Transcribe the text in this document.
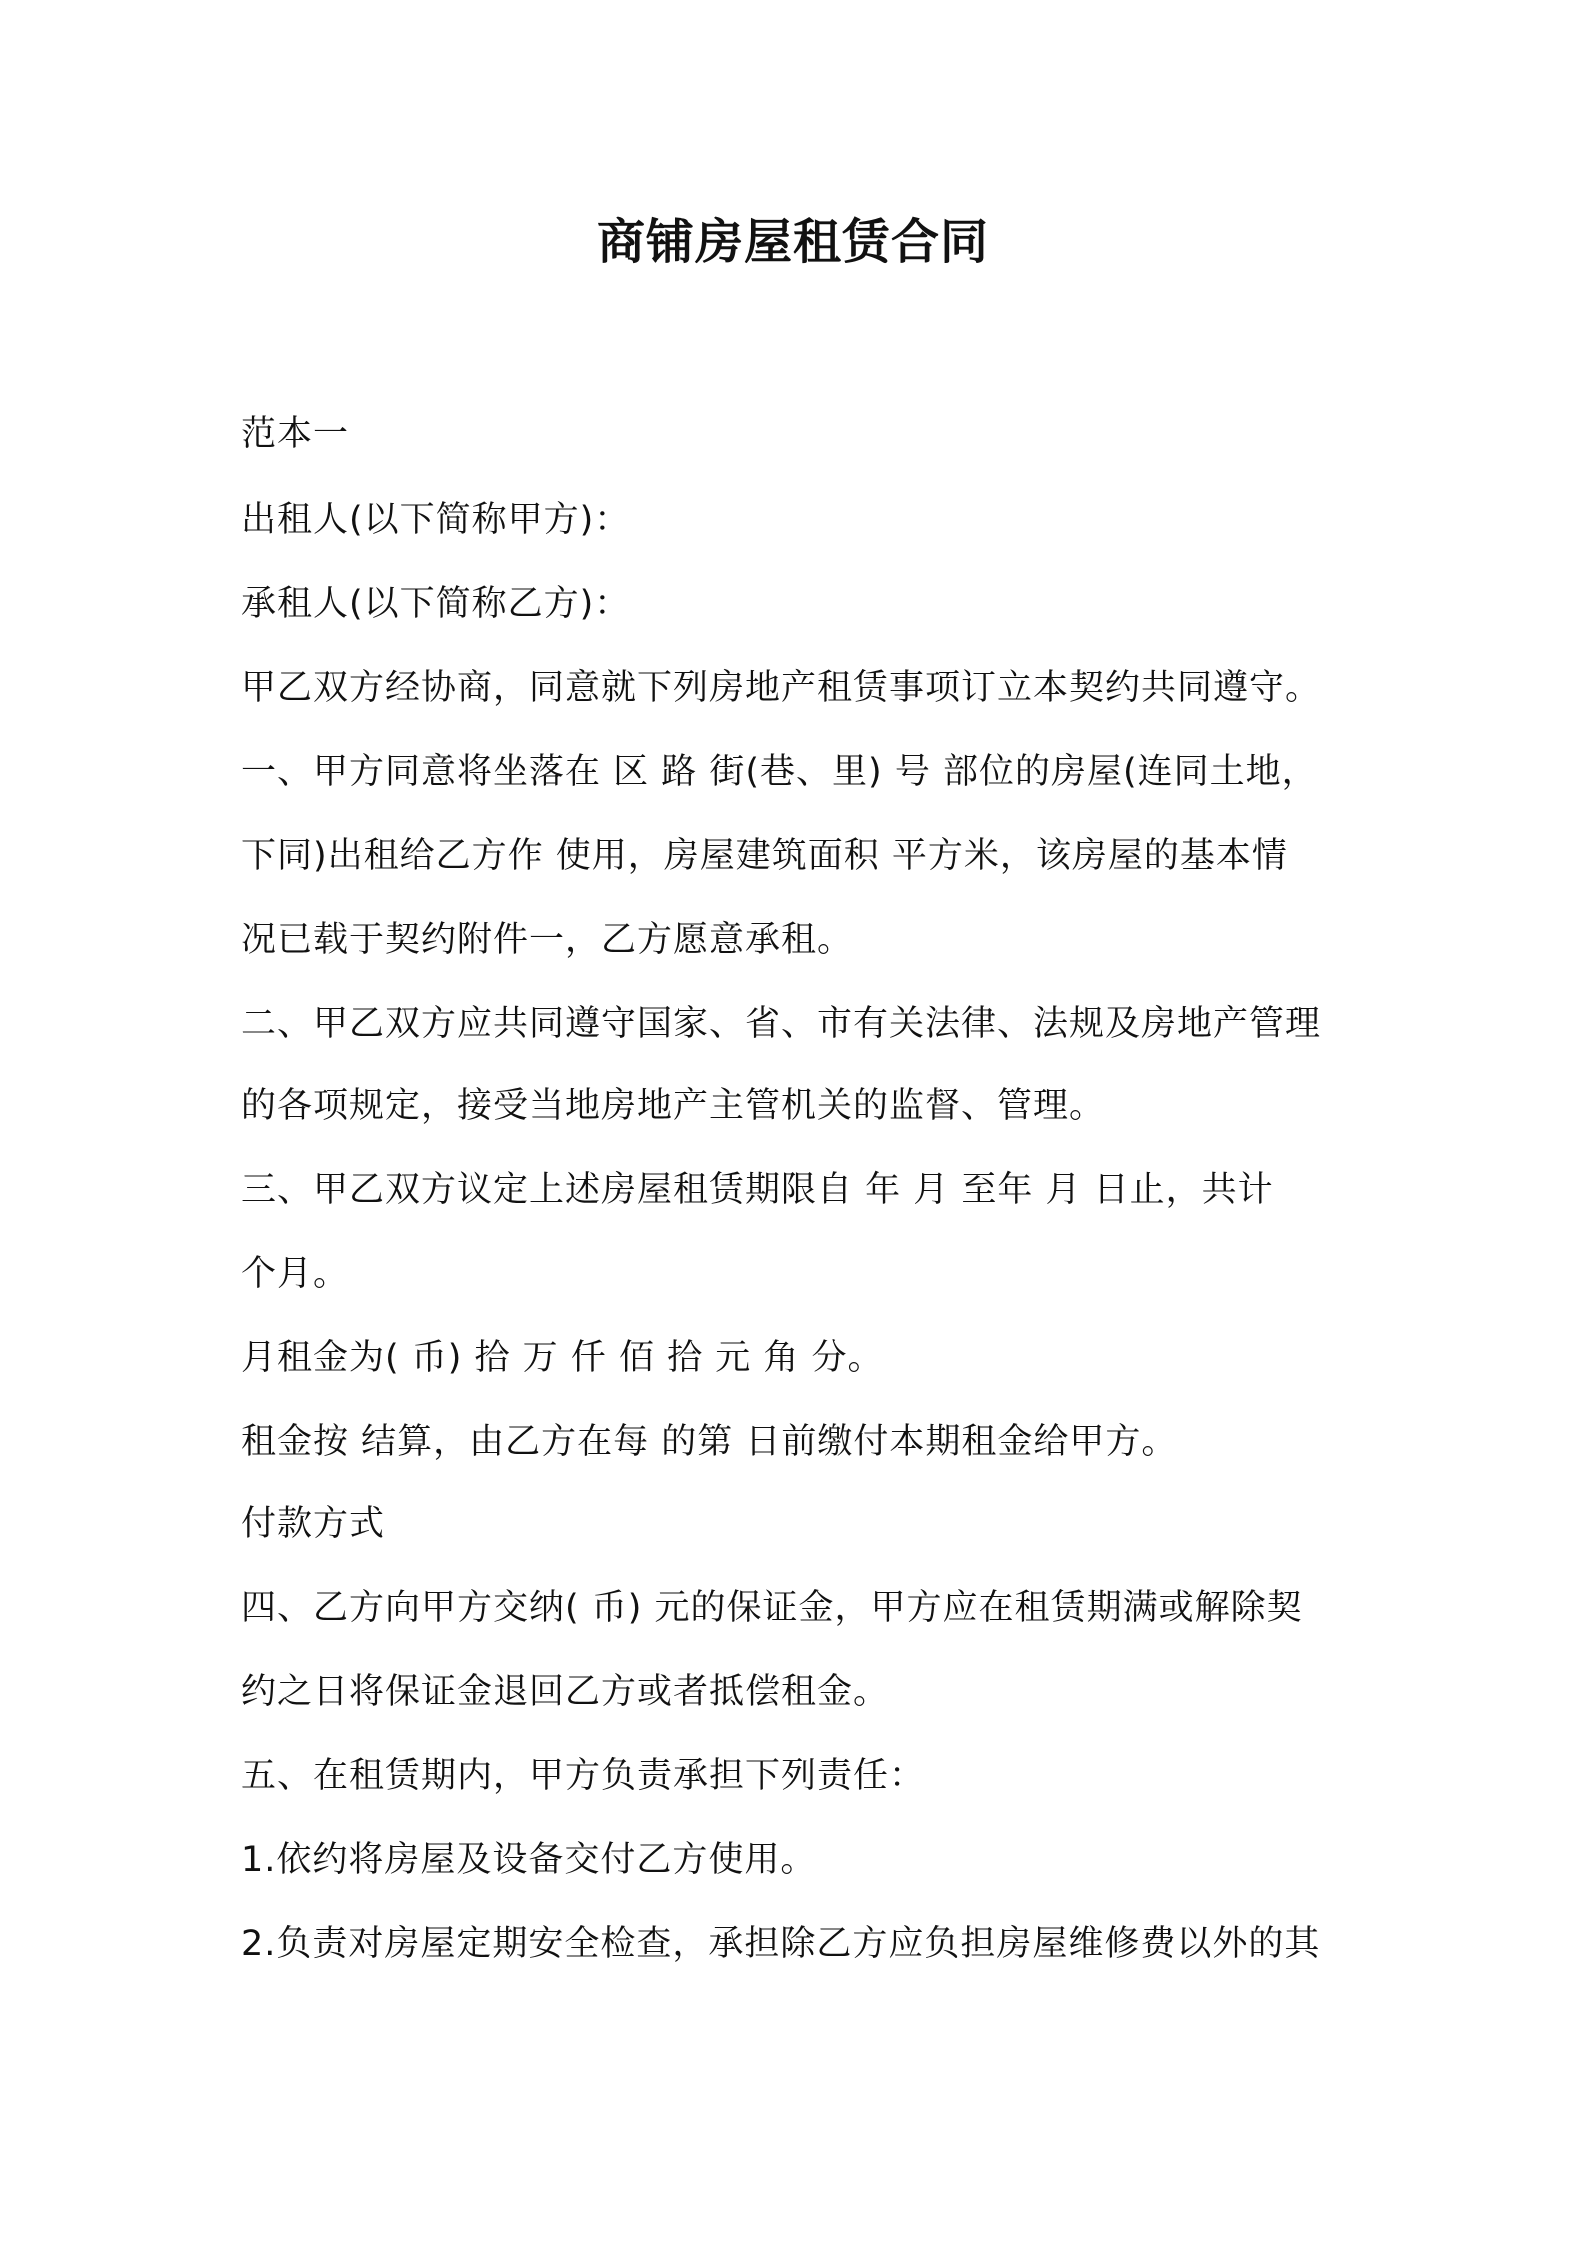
商铺房屋租赁合同
范本一
出租人(以下简称甲方)：
承租人(以下简称乙方)：
甲乙双方经协商，同意就下列房地产租赁事项订立本契约共同遵守。
一、甲方同意将坐落在 区 路 街(巷、里) 号 部位的房屋(连同土地，
下同)出租给乙方作 使用，房屋建筑面积 平方米，该房屋的基本情
况已载于契约附件一，乙方愿意承租。
二、甲乙双方应共同遵守国家、省、市有关法律、法规及房地产管理
的各项规定，接受当地房地产主管机关的监督、管理。
三、甲乙双方议定上述房屋租赁期限自 年 月 至年 月 日止，共计
个月。
月租金为( 币) 拾 万 仟 佰 拾 元 角 分。
租金按 结算，由乙方在每 的第 日前缴付本期租金给甲方。
付款方式
四、乙方向甲方交纳( 币) 元的保证金，甲方应在租赁期满或解除契
约之日将保证金退回乙方或者抵偿租金。
五、在租赁期内，甲方负责承担下列责任：
1.依约将房屋及设备交付乙方使用。
2.负责对房屋定期安全检查，承担除乙方应负担房屋维修费以外的其
